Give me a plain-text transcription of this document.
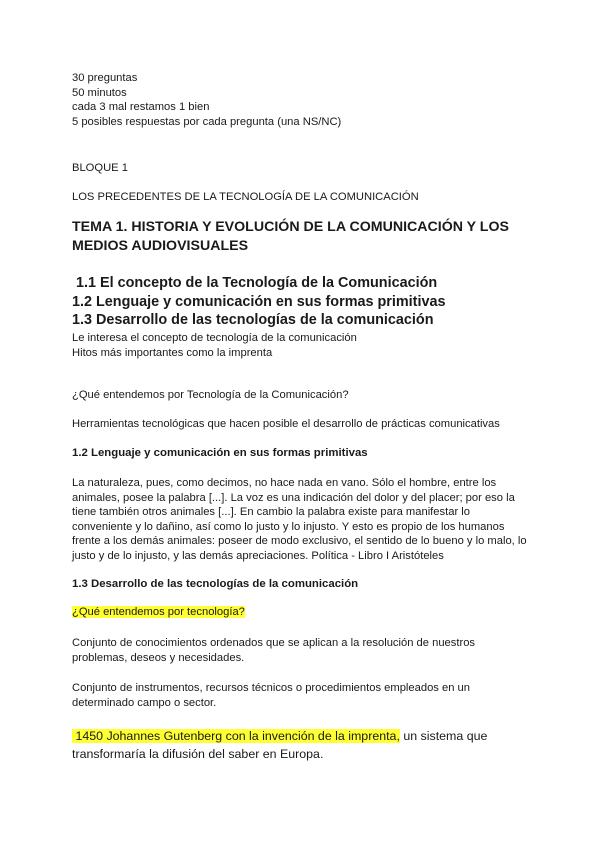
30 preguntas
50 minutos
cada 3 mal restamos 1 bien
5 posibles respuestas por cada pregunta (una NS/NC)
BLOQUE 1
LOS PRECEDENTES DE LA TECNOLOGÍA DE LA COMUNICACIÓN
TEMA 1. HISTORIA Y EVOLUCIÓN DE LA COMUNICACIÓN Y LOS
MEDIOS AUDIOVISUALES
1.1 El concepto de la Tecnología de la Comunicación
1.2 Lenguaje y comunicación en sus formas primitivas
1.3 Desarrollo de las tecnologías de la comunicación
Le interesa el concepto de tecnología de la comunicación
Hitos más importantes como la imprenta
¿Qué entendemos por Tecnología de la Comunicación?
Herramientas tecnológicas que hacen posible el desarrollo de prácticas comunicativas
1.2 Lenguaje y comunicación en sus formas primitivas
La naturaleza, pues, como decimos, no hace nada en vano. Sólo el hombre, entre los
animales, posee la palabra [...]. La voz es una indicación del dolor y del placer; por eso la
tiene también otros animales [...]. En cambio la palabra existe para manifestar lo
conveniente y lo dañino, así como lo justo y lo injusto. Y esto es propio de los humanos
frente a los demás animales: poseer de modo exclusivo, el sentido de lo bueno y lo malo, lo
justo y de lo injusto, y las demás apreciaciones. Política - Libro I Aristóteles
1.3 Desarrollo de las tecnologías de la comunicación
¿Qué entendemos por tecnología?
Conjunto de conocimientos ordenados que se aplican a la resolución de nuestros
problemas, deseos y necesidades.
Conjunto de instrumentos, recursos técnicos o procedimientos empleados en un
determinado campo o sector.
1450 Johannes Gutenberg con la invención de la imprenta, un sistema que
transformaría la difusión del saber en Europa.
